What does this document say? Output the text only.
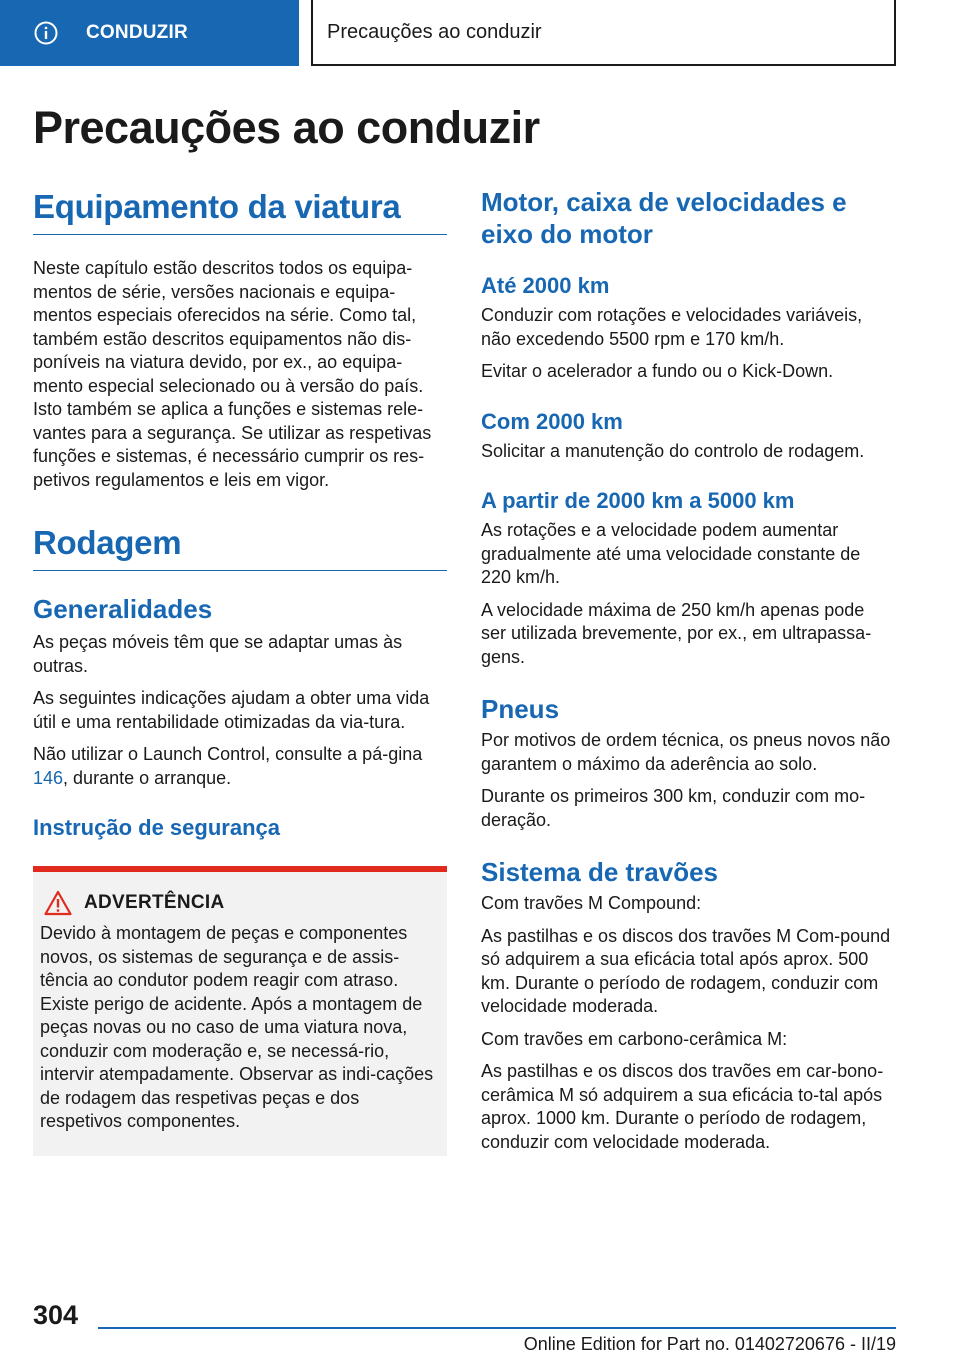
CONDUZIR	Precauções ao conduzir
Precauções ao conduzir
Equipamento da viatura

Neste capítulo estão descritos todos os equipa-mentos de série, versões nacionais e equipa-mentos especiais oferecidos na série. Como tal, também estão descritos equipamentos não dis-poníveis na viatura devido, por ex., ao equipa-mento especial selecionado ou à versão do país. Isto também se aplica a funções e sistemas rele-vantes para a segurança. Se utilizar as respetivas funções e sistemas, é necessário cumprir os res-petivos regulamentos e leis em vigor.

Rodagem
Generalidades

As peças móveis têm que se adaptar umas às outras.

As seguintes indicações ajudam a obter uma vida útil e uma rentabilidade otimizadas da via-tura.

Não utilizar o Launch Control, consulte a pá-gina 146, durante o arranque.

Instrução de segurança
ADVERTÊNCIA

Devido à montagem de peças e componentes novos, os sistemas de segurança e de assis-tência ao condutor podem reagir com atraso. Existe perigo de acidente. Após a montagem de peças novas ou no caso de uma viatura nova, conduzir com moderação e, se necessá-rio, intervir atempadamente. Observar as indi-cações de rodagem das respetivas peças e dos respetivos componentes.

Motor, caixa de velocidades e eixo do motor
Até 2000 km

Conduzir com rotações e velocidades variáveis, não excedendo 5500 rpm e 170 km/h.

Evitar o acelerador a fundo ou o Kick-Down.

Com 2000 km

Solicitar a manutenção do controlo de rodagem.

A partir de 2000 km a 5000 km

As rotações e a velocidade podem aumentar gradualmente até uma velocidade constante de 220 km/h.

A velocidade máxima de 250 km/h apenas pode ser utilizada brevemente, por ex., em ultrapassa-gens.

Pneus

Por motivos de ordem técnica, os pneus novos não garantem o máximo da aderência ao solo.

Durante os primeiros 300 km, conduzir com mo-deração.

Sistema de travões

Com travões M Compound:

As pastilhas e os discos dos travões M Com-pound só adquirem a sua eficácia total após aprox. 500 km. Durante o período de rodagem, conduzir com velocidade moderada.

Com travões em carbono-cerâmica M:

As pastilhas e os discos dos travões em car-bono-cerâmica M só adquirem a sua eficácia to-tal após aprox. 1000 km. Durante o período de rodagem, conduzir com velocidade moderada.

304
Online Edition for Part no. 01402720676 - II/19
